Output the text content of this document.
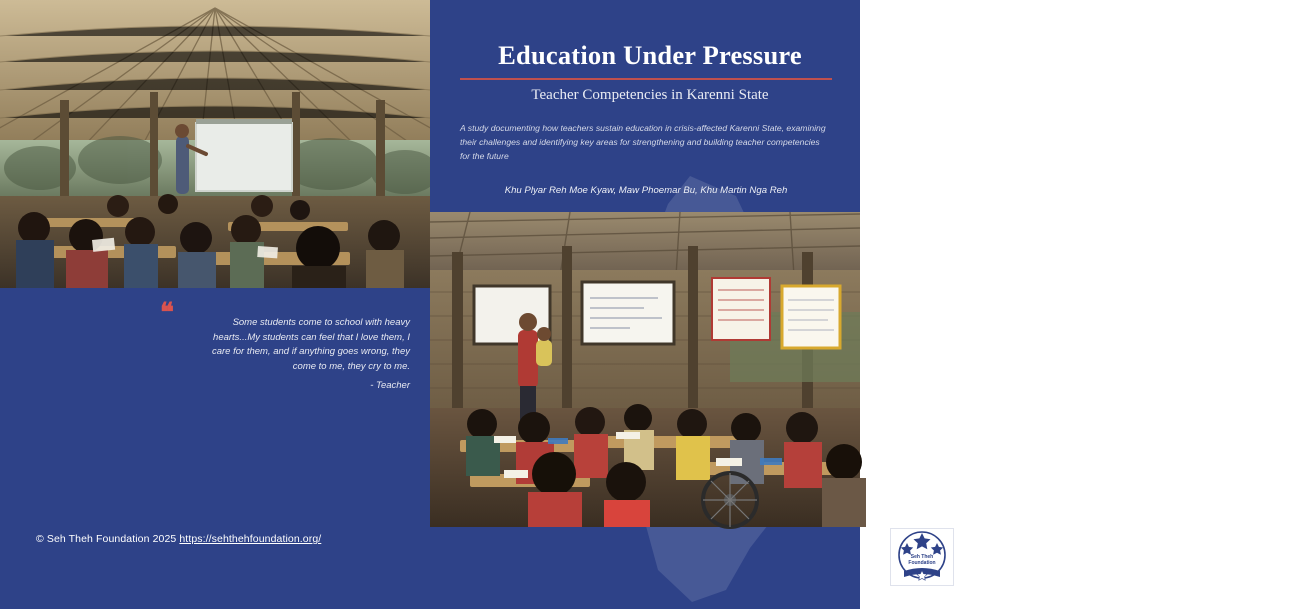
❝	Some students come to school with heavy hearts...My students can feel that I love them, I care for them, and if anything goes wrong, they come to me, they cry to me.
- Teacher
© Seh Theh Foundation 2025 https://sehthehfoundation.org/
Education Under Pressure
Teacher Competencies in Karenni State
A study documenting how teachers sustain education in crisis-affected Karenni State, examining their challenges and identifying key areas for strengthening and building teacher competencies for the future
Khu Plyar Reh Moe Kyaw, Maw Phoemar Bu, Khu Martin Nga Reh
Seh Theh
Foundation
Seh Theh Foundation
March 2025
